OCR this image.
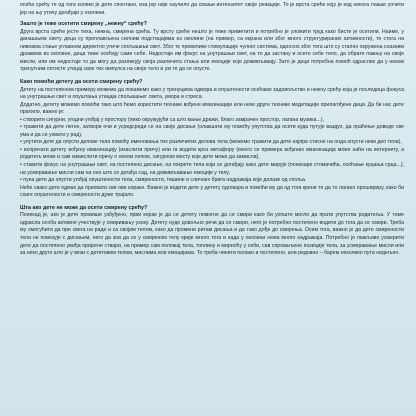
осећа срећу те од тога колико је дете спонтано, иза јер није научило да смањи интензитет своје реакције. То је врста среће коју је код некога лакше уочити јер на њу утичу догађаји у околини.

Зашто је теже осетити смирену „нежну“ срећу?

Друга врста среће јесте тиха, нежна, смирена срећа. Ту врсту среће нешто је теже приметити и потребно је уложити труд како бисте је осетили. Наиме, у данашњем свету деца су преплављена силним подстицајима из околине (на пример, са екрана или због много структурираних активности), те стога на нивоима стање углавном директно утиче спољашњи свет. Због те превелике стимулације чулног система, односно због тога што су стално окружена сназним дражима из околине, деца теже осећају саме себе. Недостаје им фокус на унутрашњи свет, на то да застану и осете себе тело, да обрате пажњу на своје мисли, или им недостаје то да могу да разликују своја различита стања или емоције које доживљавају. Зато је деци потребна помоћ одраслих да у неком тренутним оптисте утицај свих тих импулса на своје тело и ум те да се опусте.

Како помоћи детету да осети смирену срећу?

Детету на постепеном примеру можемо да покажемо како у тренуцима одмора и опуштености осећамо задовољство и нежну срећу која је последица фокуса на унутрашњи свет и опуштања утицаја спољашњег света, умора и стреса.

Додатно, детету можемо помоћи тако што ћемо користити технике вођене имагинације или неке друге технике медитације прилагођене деци. Да би нас дете пратило, важно је:

• створити сигурни, угодни угођај у простору (пико окружујући са што мање дражи, благо замрачен простор, лагана музика...),
• тражити да дете легне, затвори очи и усредсреди се на своје дисање (олакшати му помоћу упутства да осети куда путује ваздух, да праћење доведе све ума и да се ухвати у рад),
• упутити дете да опусти делове тела помоћу именовања тих различитих делова тела (можемо тражити да дете најпре стисне на онда опусти неки део тела),
• испричати детету вођену имагинацију (изаслити причу) или га водити кроз метафору (много се примера вођених имагинација може наћи на интернету, а родитељ може и сам измислити причу о неком лепом, сигурном месту које дете може да замисли),
• ставити фокус на унутрашњи свет, на постепено дисање, на покрете тела који се догађају како дете мирује (понекаре стомачића, осећање куцања срца...), на усмеравање мисли сам на оно што се догађа сад, на доживљавање емоције у телу,
• пуна дете да опусти угођај опуштености тела, смирености, тишине и сличних брига надражаја које долазе од споља.

Неће свако дете одмах да прихвати све ове кораке. Важно је водити дете у детету одговара и помоћи му да од тога крене те да то лагано прошириру, како би схаге опуштености и смирености дуже трајало.

Шта ако дете не може да осети смирену срећу?

Понекад је, ако је дете превише узбуђено, први корак је да се детету помогне да се смири како би уопште могло да прати упутства родитеља. У томе одрасла особа активно учествује у смиривању узоку. Детету нуде довољно речи да се смири, него је потребно постепено водити до тога да се смири. Треба му омогућити да пре свега на раде и са својим телом, како да промени ритам дисања и да тако дође до смирења. Осим тога, важно је да дете смирености тела не повезује с дисањем, него да зна да се у смиреном телу крије много тога и када у околини нема много надражаја. Потребно је пажљиво усмерити дете да постепено увиђа пријатне ствари, на пример сам положај тела, топлину и мирноћу у себи, сав спроваљене позиције тела, за усмеравање мисли или за неко друго што је у вези с дететовим телом, мислима или емоцијама. То треба чинити полако и постепено, али редовно – барем неколико пута недељно.
